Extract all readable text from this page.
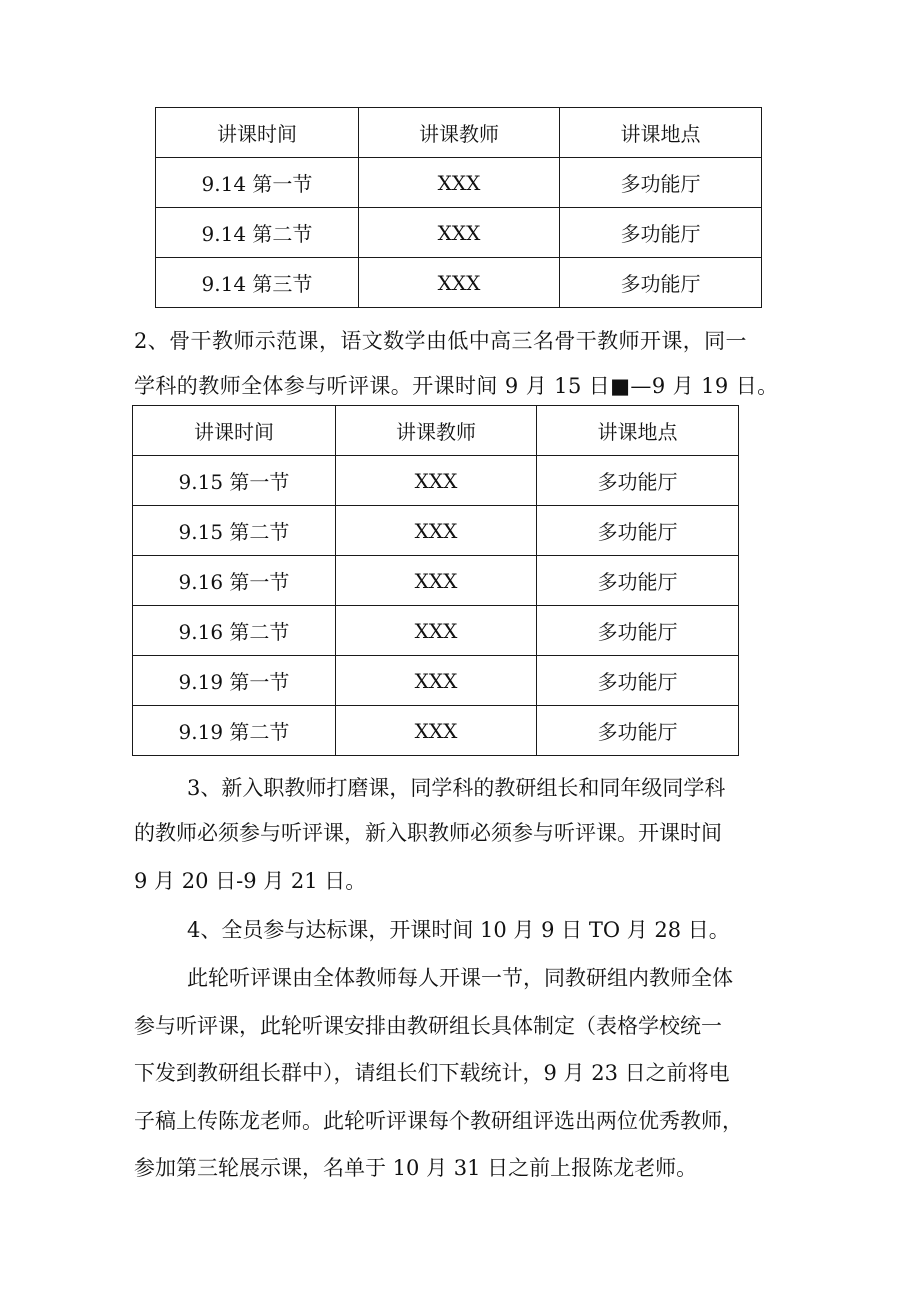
讲课时间	讲课教师	讲课地点
9.14 第一节	XXX	多功能厅
9.14 第二节	XXX	多功能厅
9.14 第三节	XXX	多功能厅

2、骨干教师示范课，语文数学由低中高三名骨干教师开课，同一

学科的教师全体参与听评课。开课时间 9 月 15 日■—9 月 19 日。

讲课时间	讲课教师	讲课地点
9.15 第一节	XXX	多功能厅
9.15 第二节	XXX	多功能厅
9.16 第一节	XXX	多功能厅
9.16 第二节	XXX	多功能厅
9.19 第一节	XXX	多功能厅
9.19 第二节	XXX	多功能厅

3、新入职教师打磨课，同学科的教研组长和同年级同学科

的教师必须参与听评课，新入职教师必须参与听评课。开课时间

9 月 20 日-9 月 21 日。

4、全员参与达标课，开课时间 10 月 9 日 TO 月 28 日。

此轮听评课由全体教师每人开课一节，同教研组内教师全体

参与听评课，此轮听课安排由教研组长具体制定（表格学校统一

下发到教研组长群中），请组长们下载统计，9 月 23 日之前将电

子稿上传陈龙老师。此轮听评课每个教研组评选出两位优秀教师，

参加第三轮展示课，名单于 10 月 31 日之前上报陈龙老师。
